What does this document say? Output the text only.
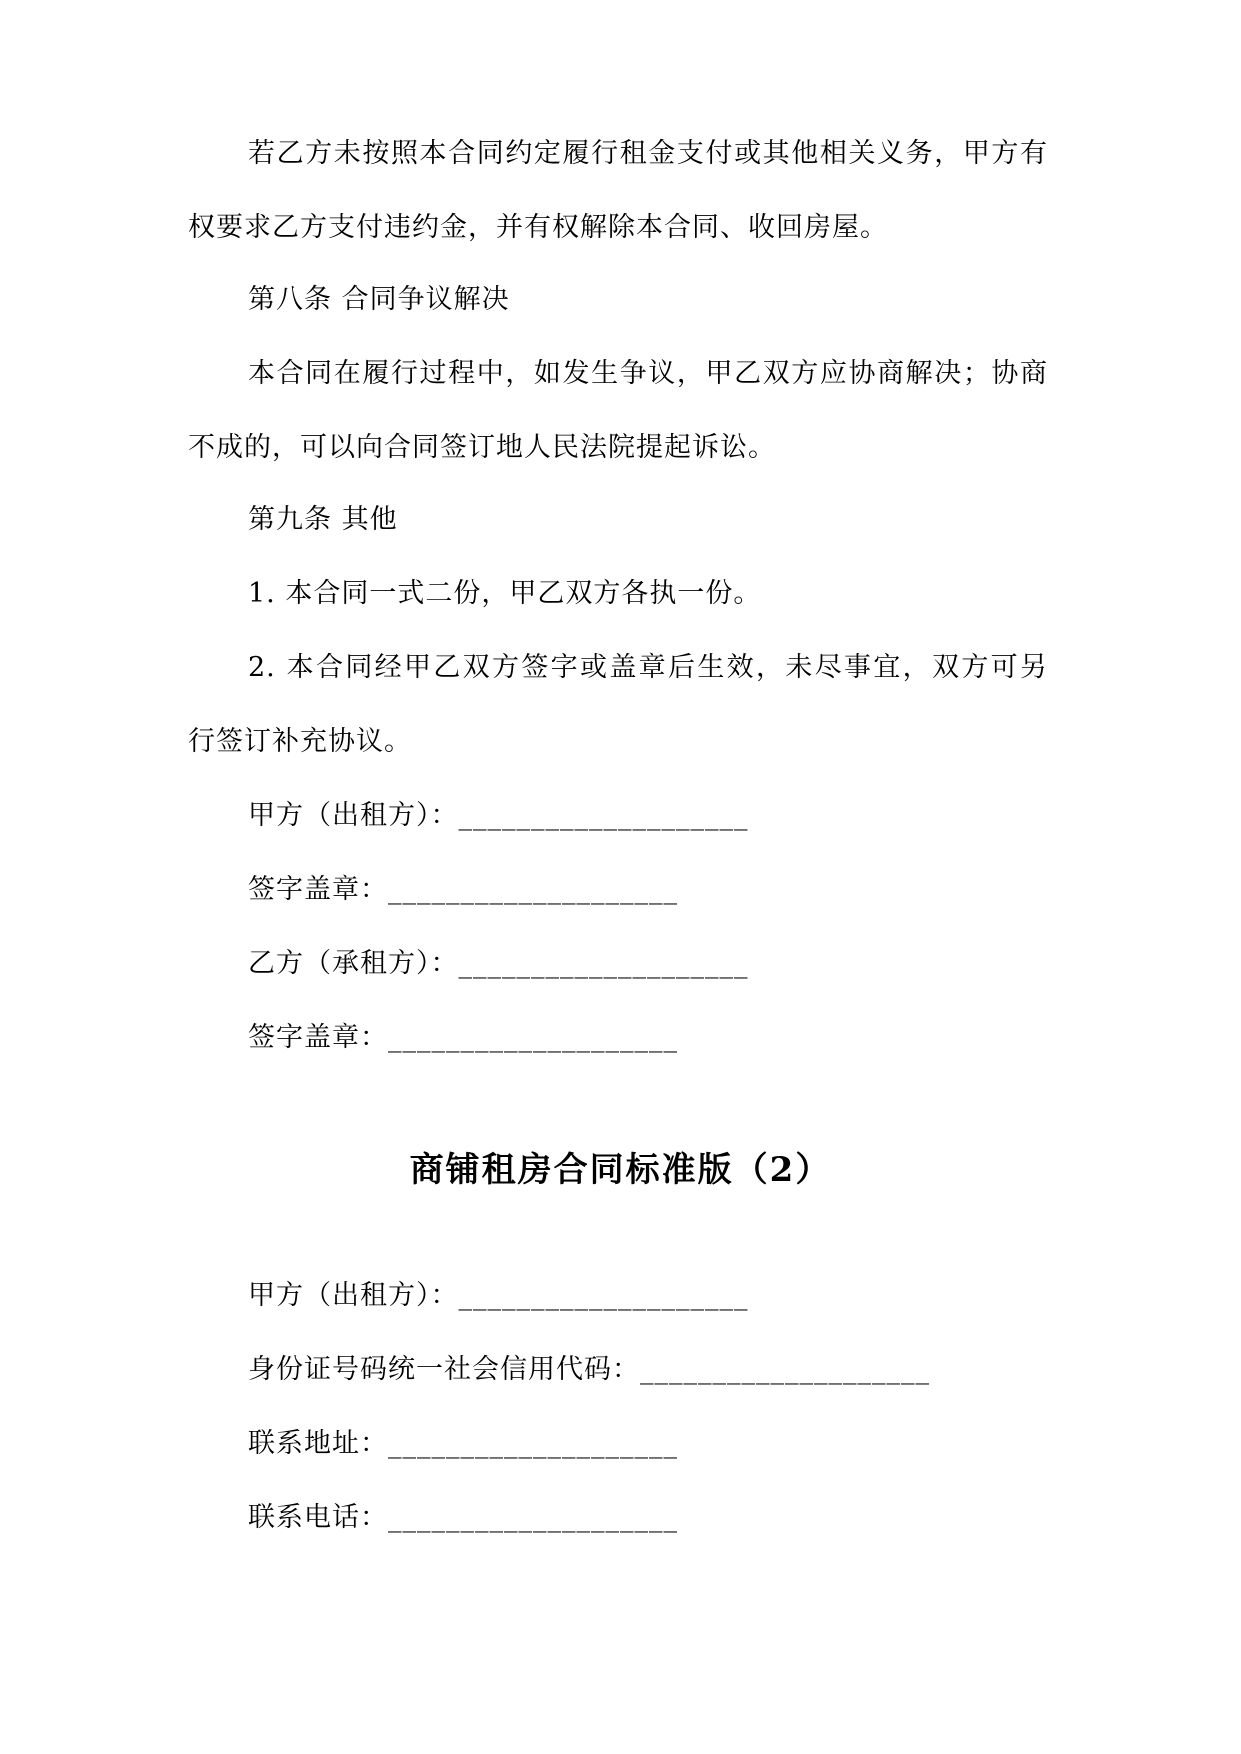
若乙方未按照本合同约定履行租金支付或其他相关义务，甲方有
权要求乙方支付违约金，并有权解除本合同、收回房屋。
第八条 合同争议解决
本合同在履行过程中，如发生争议，甲乙双方应协商解决；协商
不成的，可以向合同签订地人民法院提起诉讼。
第九条 其他
1. 本合同一式二份，甲乙双方各执一份。
2. 本合同经甲乙双方签字或盖章后生效，未尽事宜，双方可另
行签订补充协议。
甲方（出租方）：____________________
签字盖章：____________________
乙方（承租方）：____________________
签字盖章：____________________
商铺租房合同标准版（2）
甲方（出租方）：____________________
身份证号码统一社会信用代码：____________________
联系地址：____________________
联系电话：____________________
